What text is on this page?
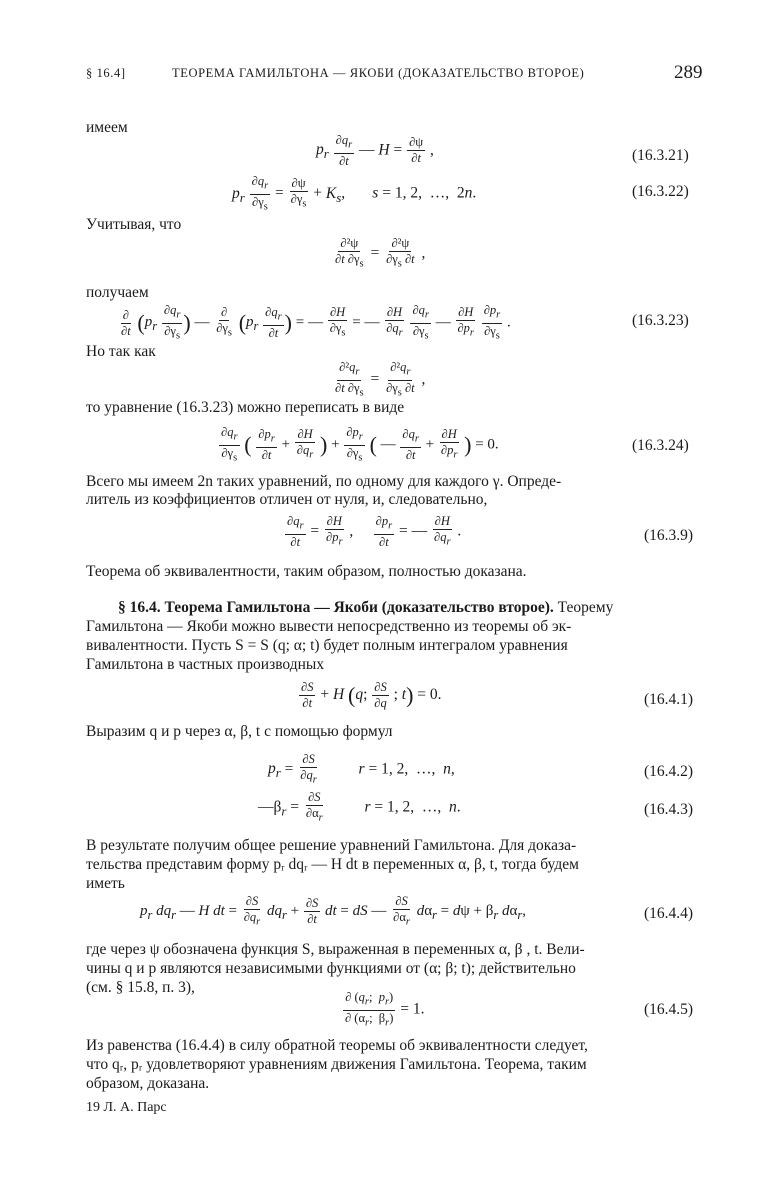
§ 16.4]	ТЕОРЕМА ГАМИЛЬТОНА — ЯКОБИ (ДОКАЗАТЕЛЬСТВО ВТОРОЕ)	289
имеем
$p_r \frac{\partial q_r}{\partial t}$ — $H = \frac{\partial\psi}{\partial t}$ ,	(16.3.21)
$p_r \frac{\partial q_r}{\partial\gamma_s} = \frac{\partial\psi}{\partial\gamma_s} + K_s$,       s = 1, 2,  …,  2n.	(16.3.22)
Учитывая, что
$\frac{\text{∂²ψ}}{\partial t \partial\gamma_s} = \frac{\text{∂²ψ}}{\partial\gamma_s \partial t}$ ,
получаем
∂
∂t ($p_r \frac{\partial q_r}{\partial\gamma_s}$ ) —
∂
$\partial\gamma_s$ ($p_r \frac{\partial q_r}{\partial t}$ ) = — $\frac{\partial H}{\partial\gamma_s}$ = — $\frac{\partial H}{\partial q_r}$
$\frac{\partial q_r}{\partial\gamma_s}$ — $\frac{\partial H}{\partial p_r}$
$\frac{\partial p_r}{\partial\gamma_s}$ .	(16.3.23)
Но так как
$\frac{\partial^2q_r}{\partial t \partial\gamma_s} = \frac{\partial^2q_r}{\partial\gamma_s \partial t}$ ,
то уравнение (16.3.23) можно переписать в виде
$\frac{\partial q_r}{\partial\gamma_s}$ ( $\frac{\partial p_r}{\partial t} + \frac{\partial H}{\partial q_r}$ ) + $\frac{\partial p_r}{\partial\gamma_s}$ ( — $\frac{\partial q_r}{\partial t} + \frac{\partial H}{\partial p_r}$ ) = 0.	(16.3.24)
Всего мы имеем 2n таких уравнений, по одному для каждого γ. Опреде-
литель из коэффициентов отличен от нуля, и, следовательно,
$\frac{\partial q_r}{\partial t} = \frac{\partial H}{\partial p_r}$ , $\frac{\partial p_r}{\partial t}$ = — $\frac{\partial H}{\partial q_r}$ .	(16.3.9)
Теорема об эквивалентности, таким образом, полностью доказана.
§ 16.4. Теорема Гамильтона — Якоби (доказательство второе). Теорему
Гамильтона — Якоби можно вывести непосредственно из теоремы об эк-
вивалентности. Пусть S = S (q; α; t) будет полным интегралом уравнения
Гамильтона в частных производных
$\frac{\partial S}{\partial t} + H$ (q; $\frac{\partial S}{\partial q}$ ; t) = 0.	(16.4.1)
Выразим q и p через α, β, t с помощью формул
$p_r = \frac{\partial S}{\partial q_r}$	r = 1, 2,  …,  n,	(16.4.2)
$—\beta_r = \frac{\partial S}{\partial\alpha_r}$	r = 1, 2,  …,  n.	(16.4.3)
В результате получим общее решение уравнений Гамильтона. Для доказа-
тельства представим форму pᵣ dqᵣ — H dt в переменных α, β, t, тогда будем
иметь
$p_r$ $dq_r$ — H dt = $\frac{\partial S}{\partial q_r} dq_r + \frac{\partial S}{\partial t}$ dt = dS — $\frac{\partial S}{\partial\alpha_r} d\alpha_r = d\psi + \beta_r$ $d\alpha_r$,	(16.4.4)
где через ψ обозначена функция S, выраженная в переменных α, β , t. Вели-
чины q и p являются независимыми функциями от (α; β; t); действительно
(см. § 15.8, п. 3),
$\frac{\partial (q_r; p_r)}{\partial (\alpha_r; \beta_r)} = 1$.	(16.4.5)
Из равенства (16.4.4) в силу обратной теоремы об эквивалентности следует,
что qᵣ, pᵣ удовлетворяют уравнениям движения Гамильтона. Теорема, таким
образом, доказана.
19 Л. А. Парс
